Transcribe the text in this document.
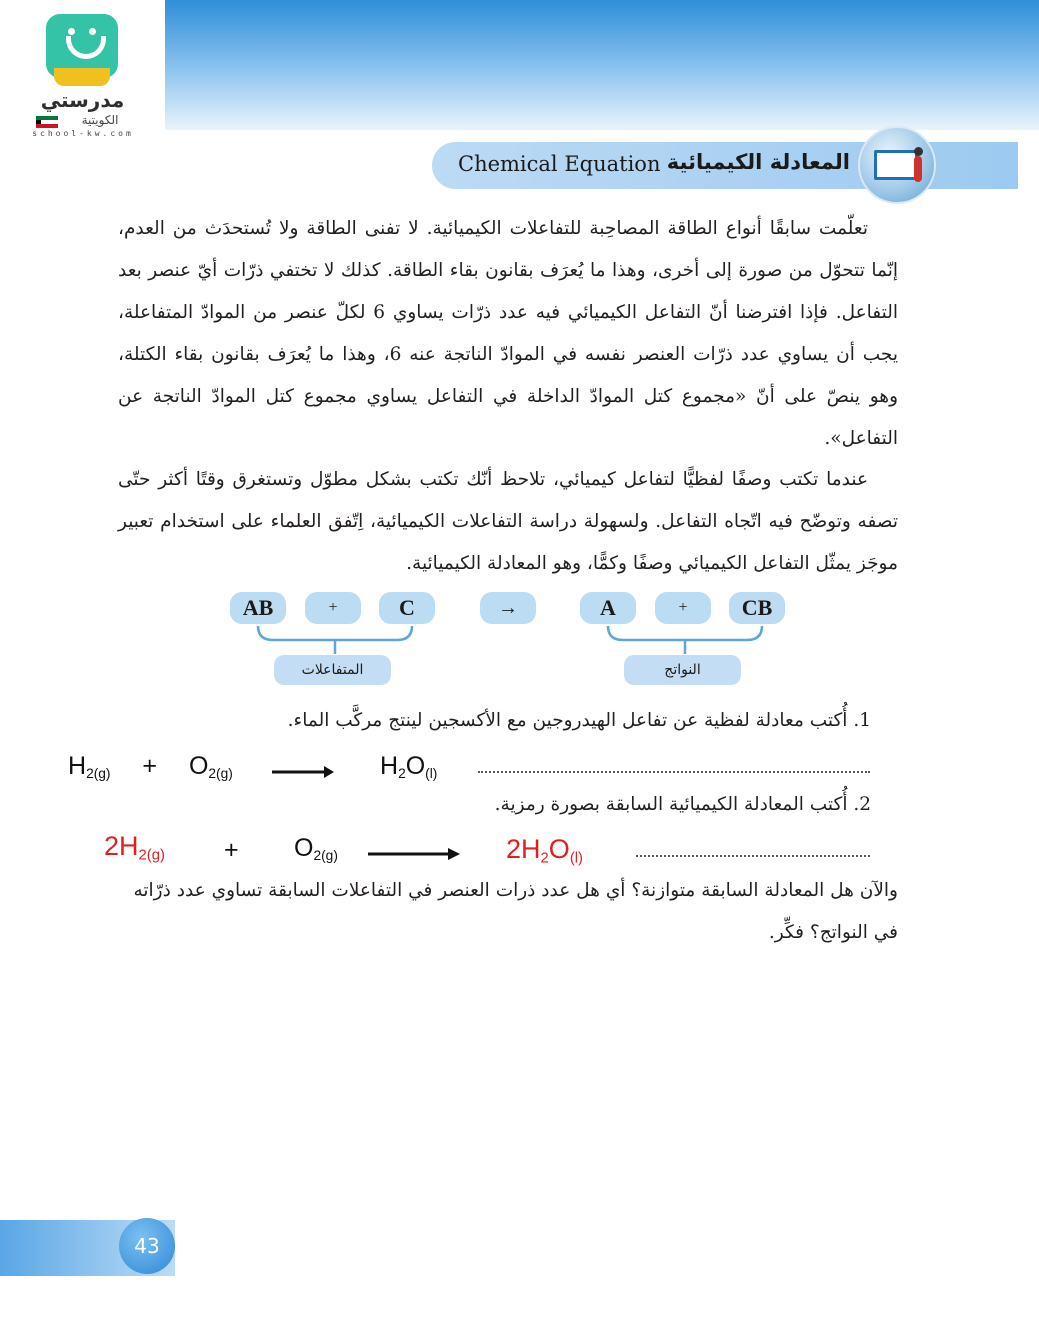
مدرستي
الكويتية
school-kw.com
Chemical Equation المعادلة الكيميائية
تعلّمت سابقًا أنواع الطاقة المصاحِبة للتفاعلات الكيميائية. لا تفنى الطاقة ولا تُستحدَث من العدم، إنّما تتحوّل من صورة إلى أخرى، وهذا ما يُعرَف بقانون بقاء الطاقة. كذلك لا تختفي ذرّات أيّ عنصر بعد التفاعل. فإذا افترضنا أنّ التفاعل الكيميائي فيه عدد ذرّات يساوي 6 لكلّ عنصر من الموادّ المتفاعلة، يجب أن يساوي عدد ذرّات العنصر نفسه في الموادّ الناتجة عنه 6، وهذا ما يُعرَف بقانون بقاء الكتلة، وهو ينصّ على أنّ «مجموع كتل الموادّ الداخلة في التفاعل يساوي مجموع كتل الموادّ الناتجة عن التفاعل».
عندما تكتب وصفًا لفظيًّا لتفاعل كيميائي، تلاحظ أنّك تكتب بشكل مطوّل وتستغرق وقتًا أكثر حتّى تصفه وتوضّح فيه اتّجاه التفاعل. ولسهولة دراسة التفاعلات الكيميائية، اِتّفق العلماء على استخدام تعبير موجَز يمثّل التفاعل الكيميائي وصفًا وكمًّا، وهو المعادلة الكيميائية.
AB	+	C	→	A	+	CB
المتفاعلات	النواتج
1. أُكتب معادلة لفظية عن تفاعل الهيدروجين مع الأكسجين لينتج مركَّب الماء.
$H_{2(g)} + O_{2(g)}$	$H_2O_{(l)}$
2. أُكتب المعادلة الكيميائية السابقة بصورة رمزية.
$2H_{2(g)} + O_{2(g)}$	$2H_2O_{(l)}$
والآن هل المعادلة السابقة متوازنة؟ أي هل عدد ذرات العنصر في التفاعلات السابقة تساوي عدد ذرّاته في النواتج؟ فكِّر.
43
